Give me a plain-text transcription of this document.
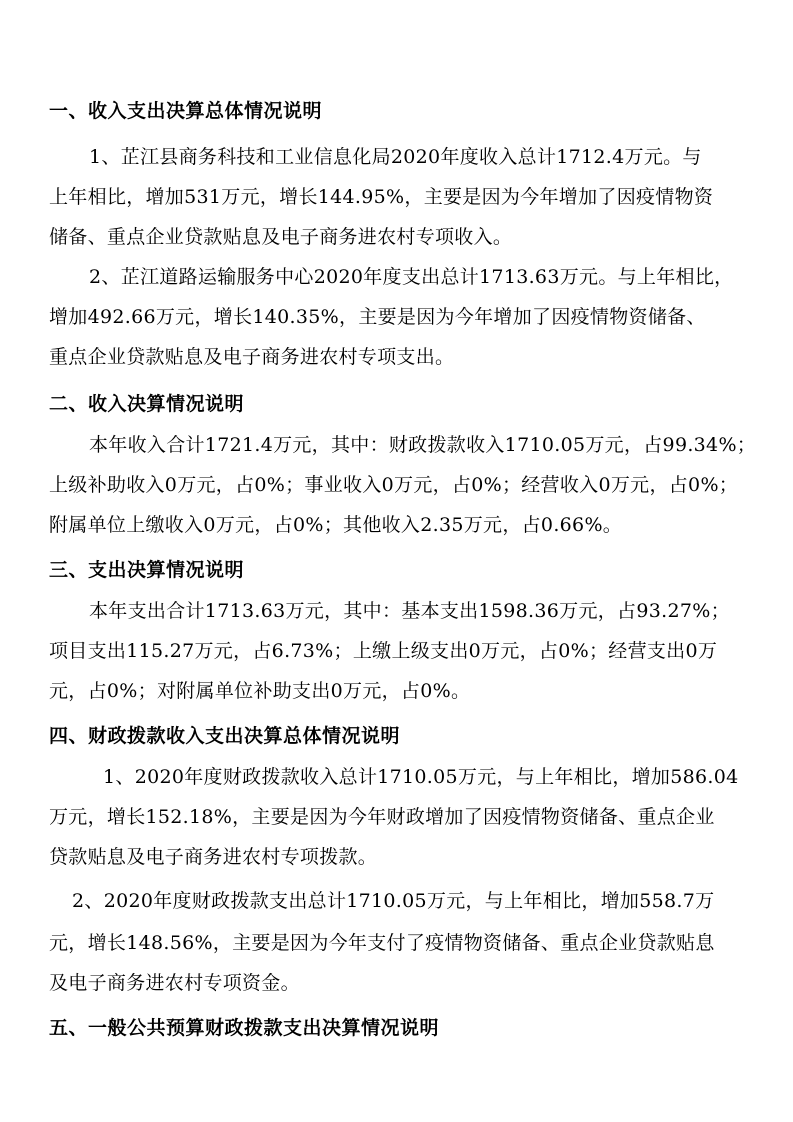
一、收入支出决算总体情况说明
1、芷江县商务科技和工业信息化局2020年度收入总计1712.4万元。与
上年相比，增加531万元，增长144.95%，主要是因为今年增加了因疫情物资
储备、重点企业贷款贴息及电子商务进农村专项收入。
2、芷江道路运输服务中心2020年度支出总计1713.63万元。与上年相比，
增加492.66万元，增长140.35%，主要是因为今年增加了因疫情物资储备、
重点企业贷款贴息及电子商务进农村专项支出。
二、收入决算情况说明
本年收入合计1721.4万元，其中：财政拨款收入1710.05万元，占99.34%；
上级补助收入0万元，占0%；事业收入0万元，占0%；经营收入0万元，占0%；
附属单位上缴收入0万元，占0%；其他收入2.35万元，占0.66%。
三、支出决算情况说明
本年支出合计1713.63万元，其中：基本支出1598.36万元，占93.27%；
项目支出115.27万元，占6.73%；上缴上级支出0万元，占0%；经营支出0万
元，占0%；对附属单位补助支出0万元，占0%。
四、财政拨款收入支出决算总体情况说明
1、2020年度财政拨款收入总计1710.05万元，与上年相比，增加586.04
万元，增长152.18%，主要是因为今年财政增加了因疫情物资储备、重点企业
贷款贴息及电子商务进农村专项拨款。
2、2020年度财政拨款支出总计1710.05万元，与上年相比，增加558.7万
元，增长148.56%，主要是因为今年支付了疫情物资储备、重点企业贷款贴息
及电子商务进农村专项资金。
五、一般公共预算财政拨款支出决算情况说明
